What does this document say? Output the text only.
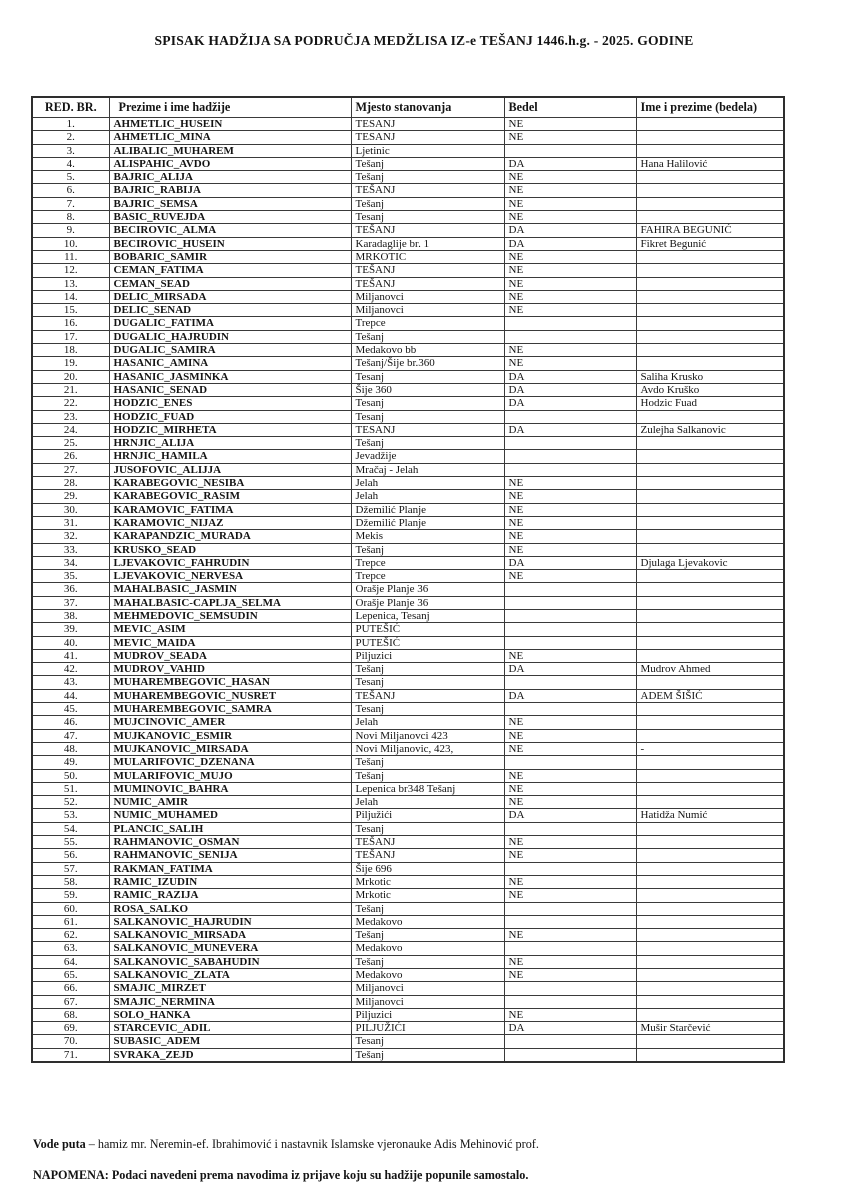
SPISAK HADŽIJA SA PODRUČJA MEDŽLISA IZ-e TEŠANJ 1446.h.g. - 2025. GODINE
RED. BR.	Prezime i ime hadžije	Mjesto stanovanja	Bedel	Ime i prezime (bedela)
1.	AHMETLIC_HUSEIN	TESANJ	NE	
2.	AHMETLIC_MINA	TESANJ	NE	
3.	ALIBALIC_MUHAREM	Ljetinic		
4.	ALISPAHIC_AVDO	Tešanj	DA	Hana Halilović
5.	BAJRIC_ALIJA	Tešanj	NE	
6.	BAJRIC_RABIJA	TEŠANJ	NE	
7.	BAJRIC_SEMSA	Tešanj	NE	
8.	BASIC_RUVEJDA	Tesanj	NE	
9.	BECIROVIC_ALMA	TEŠANJ	DA	FAHIRA BEGUNIĆ
10.	BECIROVIC_HUSEIN	Karadaglije br. 1	DA	Fikret Begunić
11.	BOBARIC_SAMIR	MRKOTIC	NE	
12.	CEMAN_FATIMA	TEŠANJ	NE	
13.	CEMAN_SEAD	TEŠANJ	NE	
14.	DELIC_MIRSADA	Miljanovci	NE	
15.	DELIC_SENAD	Miljanovci	NE	
16.	DUGALIC_FATIMA	Trepce		
17.	DUGALIC_HAJRUDIN	Tešanj		
18.	DUGALIC_SAMIRA	Medakovo bb	NE	
19.	HASANIC_AMINA	Tešanj/Šije br.360	NE	
20.	HASANIC_JASMINKA	Tesanj	DA	Saliha Krusko
21.	HASANIC_SENAD	Šije 360	DA	Avdo Kruško
22.	HODZIC_ENES	Tesanj	DA	Hodzic Fuad
23.	HODZIC_FUAD	Tesanj		
24.	HODZIC_MIRHETA	TESANJ	DA	Zulejha Salkanovic
25.	HRNJIC_ALIJA	Tešanj		
26.	HRNJIC_HAMILA	Jevadžije		
27.	JUSOFOVIC_ALIJJA	Mračaj - Jelah		
28.	KARABEGOVIC_NESIBA	Jelah	NE	
29.	KARABEGOVIC_RASIM	Jelah	NE	
30.	KARAMOVIC_FATIMA	Džemilić Planje	NE	
31.	KARAMOVIC_NIJAZ	Džemilić Planje	NE	
32.	KARAPANDZIC_MURADA	Mekis	NE	
33.	KRUSKO_SEAD	Tešanj	NE	
34.	LJEVAKOVIC_FAHRUDIN	Trepce	DA	Djulaga Ljevakovic
35.	LJEVAKOVIC_NERVESA	Trepce	NE	
36.	MAHALBASIC_JASMIN	Orašje Planje 36		
37.	MAHALBASIC-CAPLJA_SELMA	Orašje Planje 36		
38.	MEHMEDOVIC_SEMSUDIN	Lepenica, Tesanj		
39.	MEVIC_ASIM	PUTEŠIĆ		
40.	MEVIC_MAIDA	PUTEŠIĆ		
41.	MUDROV_SEADA	Piljuzici	NE	
42.	MUDROV_VAHID	Tešanj	DA	Mudrov Ahmed
43.	MUHAREMBEGOVIC_HASAN	Tesanj		
44.	MUHAREMBEGOVIC_NUSRET	TEŠANJ	DA	ADEM ŠIŠIĆ
45.	MUHAREMBEGOVIC_SAMRA	Tesanj		
46.	MUJCINOVIC_AMER	Jelah	NE	
47.	MUJKANOVIC_ESMIR	Novi Miljanovci 423	NE	
48.	MUJKANOVIC_MIRSADA	Novi Miljanovic, 423,	NE	-
49.	MULARIFOVIC_DZENANA	Tešanj		
50.	MULARIFOVIC_MUJO	Tešanj	NE	
51.	MUMINOVIC_BAHRA	Lepenica br348 Tešanj	NE	
52.	NUMIC_AMIR	Jelah	NE	
53.	NUMIC_MUHAMED	Piljužići	DA	Hatidža Numić
54.	PLANCIC_SALIH	Tesanj		
55.	RAHMANOVIC_OSMAN	TEŠANJ	NE	
56.	RAHMANOVIC_SENIJA	TEŠANJ	NE	
57.	RAKMAN_FATIMA	Šije 696		
58.	RAMIC_IZUDIN	Mrkotic	NE	
59.	RAMIC_RAZIJA	Mrkotic	NE	
60.	ROSA_SALKO	Tešanj		
61.	SALKANOVIC_HAJRUDIN	Medakovo		
62.	SALKANOVIC_MIRSADA	Tešanj	NE	
63.	SALKANOVIC_MUNEVERA	Medakovo		
64.	SALKANOVIC_SABAHUDIN	Tešanj	NE	
65.	SALKANOVIC_ZLATA	Medakovo	NE	
66.	SMAJIC_MIRZET	Miljanovci		
67.	SMAJIC_NERMINA	Miljanovci		
68.	SOLO_HANKA	Piljuzici	NE	
69.	STARCEVIC_ADIL	PILJUŽIĆI	DA	Mušir Starčević
70.	SUBASIC_ADEM	Tesanj		
71.	SVRAKA_ZEJD	Tešanj		
Vode puta – hamiz mr. Neremin-ef. Ibrahimović i nastavnik Islamske vjeronauke Adis Mehinović prof.
NAPOMENA: Podaci navedeni prema navodima iz prijave koju su hadžije popunile samostalo.
